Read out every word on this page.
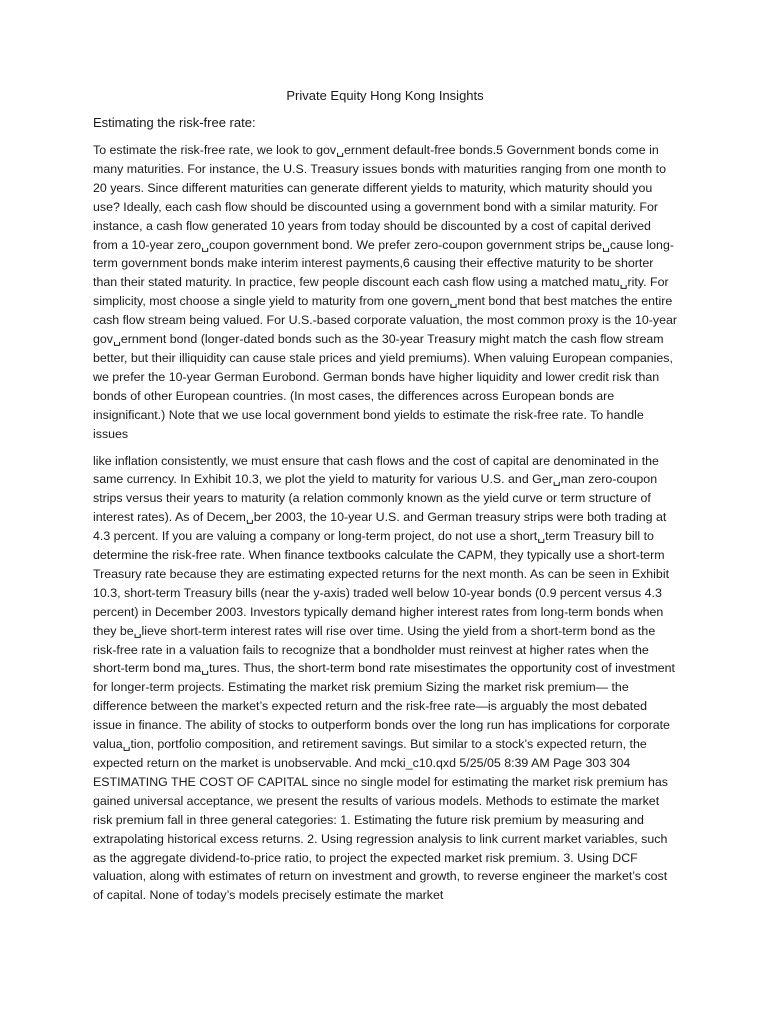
Private Equity Hong Kong Insights
Estimating the risk-free rate:

To estimate the risk-free rate, we look to gov␣ernment default-free bonds.5 Government bonds come in many maturities. For instance, the U.S. Treasury issues bonds with maturities ranging from one month to 20 years. Since different maturities can generate different yields to maturity, which maturity should you use? Ideally, each cash flow should be discounted using a government bond with a similar maturity. For instance, a cash flow generated 10 years from today should be discounted by a cost of capital derived from a 10-year zero␣coupon government bond. We prefer zero-coupon government strips be␣cause long-term government bonds make interim interest payments,6 causing their effective maturity to be shorter than their stated maturity. In practice, few people discount each cash flow using a matched matu␣rity. For simplicity, most choose a single yield to maturity from one govern␣ment bond that best matches the entire cash flow stream being valued. For U.S.-based corporate valuation, the most common proxy is the 10-year gov␣ernment bond (longer-dated bonds such as the 30-year Treasury might match the cash flow stream better, but their illiquidity can cause stale prices and yield premiums). When valuing European companies, we prefer the 10-year German Eurobond. German bonds have higher liquidity and lower credit risk than bonds of other European countries. (In most cases, the differences across European bonds are insignificant.) Note that we use local government bond yields to estimate the risk-free rate. To handle issues

like inflation consistently, we must ensure that cash flows and the cost of capital are denominated in the same currency. In Exhibit 10.3, we plot the yield to maturity for various U.S. and Ger␣man zero-coupon strips versus their years to maturity (a relation commonly known as the yield curve or term structure of interest rates). As of Decem␣ber 2003, the 10-year U.S. and German treasury strips were both trading at 4.3 percent. If you are valuing a company or long-term project, do not use a short␣term Treasury bill to determine the risk-free rate. When finance textbooks calculate the CAPM, they typically use a short-term Treasury rate because they are estimating expected returns for the next month. As can be seen in Exhibit 10.3, short-term Treasury bills (near the y-axis) traded well below 10-year bonds (0.9 percent versus 4.3 percent) in December 2003. Investors typically demand higher interest rates from long-term bonds when they be␣lieve short-term interest rates will rise over time. Using the yield from a short-term bond as the risk-free rate in a valuation fails to recognize that a bondholder must reinvest at higher rates when the short-term bond ma␣tures. Thus, the short-term bond rate misestimates the opportunity cost of investment for longer-term projects. Estimating the market risk premium Sizing the market risk premium— the difference between the market’s expected return and the risk-free rate—is arguably the most debated issue in finance. The ability of stocks to outperform bonds over the long run has implications for corporate valua␣tion, portfolio composition, and retirement savings. But similar to a stock’s expected return, the expected return on the market is unobservable. And mcki_c10.qxd 5/25/05 8:39 AM Page 303 304 ESTIMATING THE COST OF CAPITAL since no single model for estimating the market risk premium has gained universal acceptance, we present the results of various models. Methods to estimate the market risk premium fall in three general categories: 1. Estimating the future risk premium by measuring and extrapolating historical excess returns. 2. Using regression analysis to link current market variables, such as the aggregate dividend-to-price ratio, to project the expected market risk premium. 3. Using DCF valuation, along with estimates of return on investment and growth, to reverse engineer the market’s cost of capital. None of today’s models precisely estimate the market
